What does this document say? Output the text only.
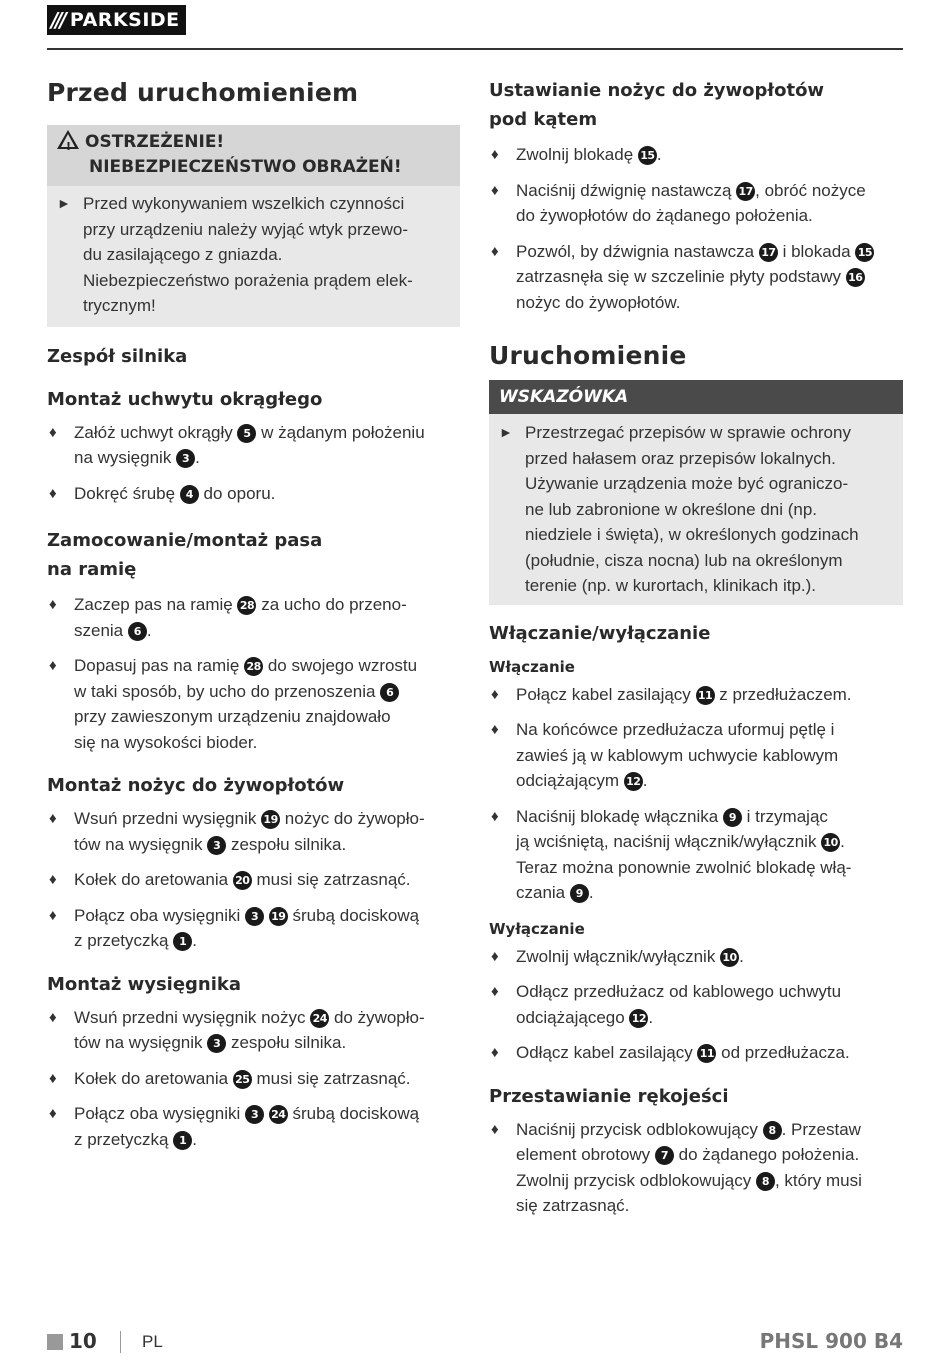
/// PARKSIDE
Przed uruchomieniem
!OSTRZEŻENIE!
NIEBEZPIECZEŃSTWO OBRAŻEŃ!
► Przed wykonywaniem wszelkich czynności
przy urządzeniu należy wyjąć wtyk przewo-
du zasilającego z gniazda.
Niebezpieczeństwo porażenia prądem elek-
trycznym!
Zespół silnika
Montaż uchwytu okrągłego
♦ Załóż uchwyt okrągły 5 w żądanym położeniu
na wysięgnik 3 .
♦ Dokręć śrubę 4 do oporu.
Zamocowanie/montaż pasa
na ramię
♦ Zaczep pas na ramię 28 za ucho do przeno-
szenia 6 .
♦ Dopasuj pas na ramię 28 do swojego wzrostu
w taki sposób, by ucho do przenoszenia 6
przy zawieszonym urządzeniu znajdowało
się na wysokości bioder.
Montaż nożyc do żywopłotów
♦ Wsuń przedni wysięgnik 19 nożyc do żywopło-
tów na wysięgnik 3 zespołu silnika.
♦ Kołek do aretowania 20 musi się zatrzasnąć.
♦ Połącz oba wysięgniki 3 19 śrubą dociskową
z przetyczką 1 .
Montaż wysięgnika
♦ Wsuń przedni wysięgnik nożyc 24 do żywopło-
tów na wysięgnik 3 zespołu silnika.
♦ Kołek do aretowania 25 musi się zatrzasnąć.
♦ Połącz oba wysięgniki 3 24 śrubą dociskową
z przetyczką 1 .
Ustawianie nożyc do żywopłotów
pod kątem
♦ Zwolnij blokadę 15 .
♦ Naciśnij dźwignię nastawczą 17 , obróć nożyce
do żywopłotów do żądanego położenia.
♦ Pozwól, by dźwignia nastawcza 17 i blokada 15
zatrzasnęła się w szczelinie płyty podstawy 16
nożyc do żywopłotów.
Uruchomienie
WSKAZÓWKA
► Przestrzegać przepisów w sprawie ochrony
przed hałasem oraz przepisów lokalnych.
Używanie urządzenia może być ograniczo-
ne lub zabronione w określone dni (np.
niedziele i święta), w określonych godzinach
(południe, cisza nocna) lub na określonym
terenie (np. w kurortach, klinikach itp.).
Włączanie/wyłączanie
Włączanie
♦ Połącz kabel zasilający 11 z przedłużaczem.
♦ Na końcówce przedłużacza uformuj pętlę i
zawieś ją w kablowym uchwycie kablowym
odciążającym 12 .
♦ Naciśnij blokadę włącznika 9 i trzymając
ją wciśniętą, naciśnij włącznik/wyłącznik 10 .
Teraz można ponownie zwolnić blokadę włą-
czania 9 .
Wyłączanie
♦ Zwolnij włącznik/wyłącznik 10 .
♦ Odłącz przedłużacz od kablowego uchwytu
odciążającego 12 .
♦ Odłącz kabel zasilający 11 od przedłużacza.
Przestawianie rękojeści
♦ Naciśnij przycisk odblokowujący 8 . Przestaw
element obrotowy 7 do żądanego położenia.
Zwolnij przycisk odblokowujący 8 , który musi
się zatrzasnąć.
10	PL	PHSL 900 B4
